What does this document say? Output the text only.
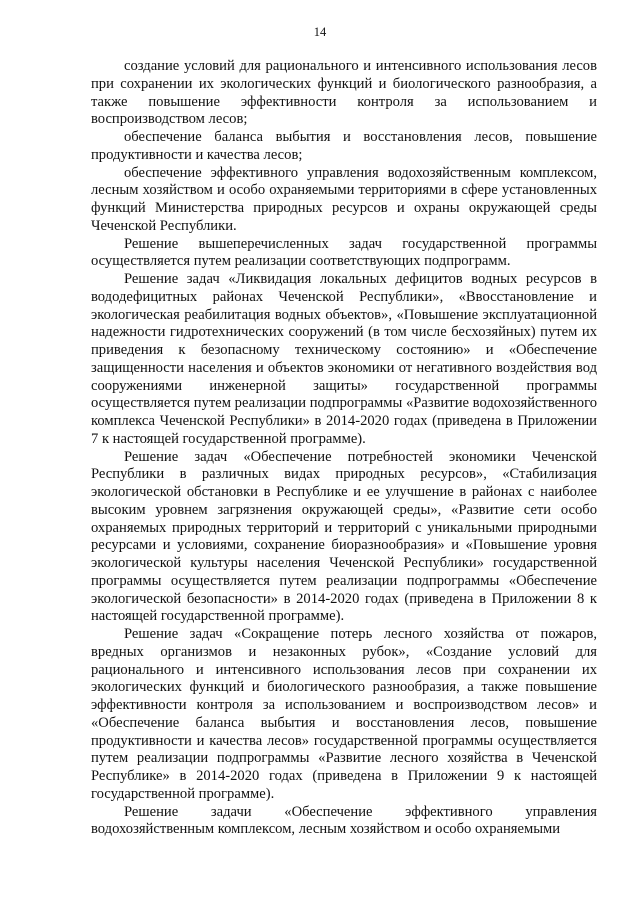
14

создание условий для рационального и интенсивного использования лесов при сохранении их экологических функций и биологического разнообразия, а также повышение эффективности контроля за использованием и воспроизводством лесов;

обеспечение баланса выбытия и восстановления лесов, повышение продуктивности и качества лесов;

обеспечение эффективного управления водохозяйственным комплексом, лесным хозяйством и особо охраняемыми территориями в сфере установленных функций Министерства природных ресурсов и охраны окружающей среды Чеченской Республики.

Решение вышеперечисленных задач государственной программы осуществляется путем реализации соответствующих подпрограмм.

Решение задач «Ликвидация локальных дефицитов водных ресурсов в вододефицитных районах Чеченской Республики», «Ввосстановление и экологическая реабилитация водных объектов», «Повышение эксплуатационной надежности гидротехнических сооружений (в том числе бесхозяйных) путем их приведения к безопасному техническому состоянию» и «Обеспечение защищенности населения и объектов экономики от негативного воздействия вод сооружениями инженерной защиты» государственной программы осуществляется путем реализации подпрограммы «Развитие водохозяйственного комплекса Чеченской Республики» в 2014-2020 годах (приведена в Приложении 7 к настоящей государственной программе).

Решение задач «Обеспечение потребностей экономики Чеченской Республики в различных видах природных ресурсов», «Стабилизация экологической обстановки в Республике и ее улучшение в районах с наиболее высоким уровнем загрязнения окружающей среды», «Развитие сети особо охраняемых природных территорий и территорий с уникальными природными ресурсами и условиями, сохранение биоразнообразия» и «Повышение уровня экологической культуры населения Чеченской Республики» государственной программы осуществляется путем реализации подпрограммы «Обеспечение экологической безопасности» в 2014-2020 годах (приведена в Приложении 8 к настоящей государственной программе).

Решение задач «Сокращение потерь лесного хозяйства от пожаров, вредных организмов и незаконных рубок», «Создание условий для рационального и интенсивного использования лесов при сохранении их экологических функций и биологического разнообразия, а также повышение эффективности контроля за использованием и воспроизводством лесов» и «Обеспечение баланса выбытия и восстановления лесов, повышение продуктивности и качества лесов» государственной программы осуществляется путем реализации подпрограммы «Развитие лесного хозяйства в Чеченской Республике» в 2014-2020 годах (приведена в Приложении 9 к настоящей государственной программе).

Решение задачи «Обеспечение эффективного управления водохозяйственным комплексом, лесным хозяйством и особо охраняемыми
